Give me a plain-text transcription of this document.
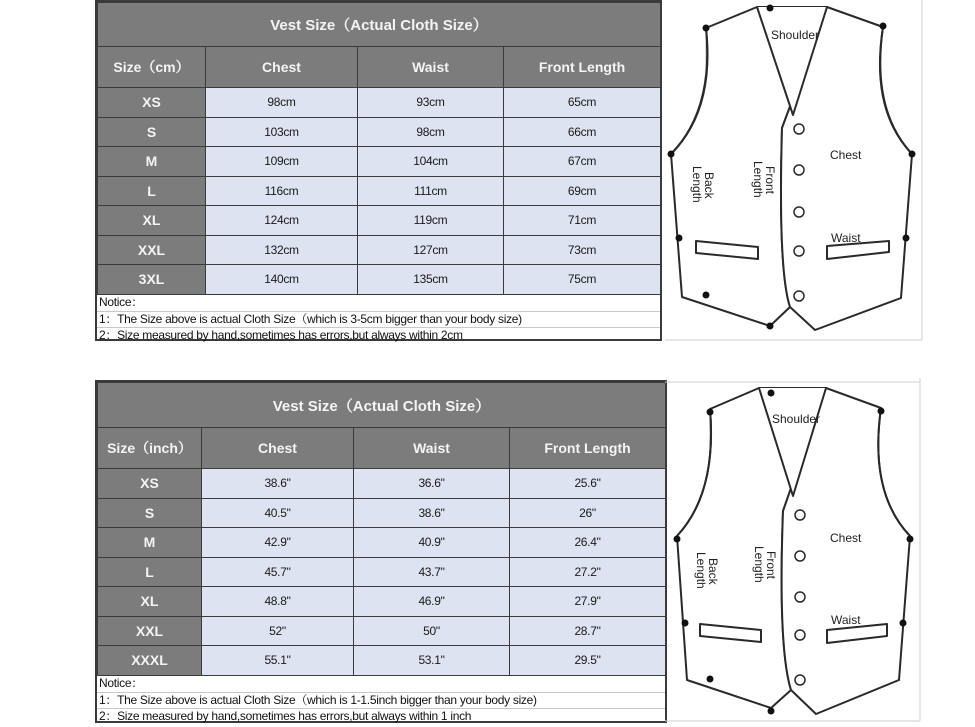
Vest Size（Actual Cloth Size）			
Size（cm）	Chest	Waist	Front Length
XS	98cm	93cm	65cm
S	103cm	98cm	66cm
M	109cm	104cm	67cm
L	116cm	111cm	69cm
XL	124cm	119cm	71cm
XXL	132cm	127cm	73cm
3XL	140cm	135cm	75cm
Notice：
1：The Size above is actual Cloth Size（which is 3-5cm bigger than your body size)
2：Size measured by hand,sometimes has errors,but always within 2cm
Vest Size（Actual Cloth Size）			
Size（inch）	Chest	Waist	Front Length
XS	38.6"	36.6"	25.6"
S	40.5"	38.6"	26"
M	42.9"	40.9"	26.4"
L	45.7"	43.7"	27.2"
XL	48.8"	46.9"	27.9"
XXL	52"	50"	28.7"
XXXL	55.1"	53.1"	29.5"
Notice：
1：The Size above is actual Cloth Size（which is 1-1.5inch bigger than your body size)
2：Size measured by hand,sometimes has errors,but always within 1 inch
Shoulder
Chest
Waist
Back
Length	Front
Length
Shoulder
Chest
Waist
Back
Length	Front
Length
